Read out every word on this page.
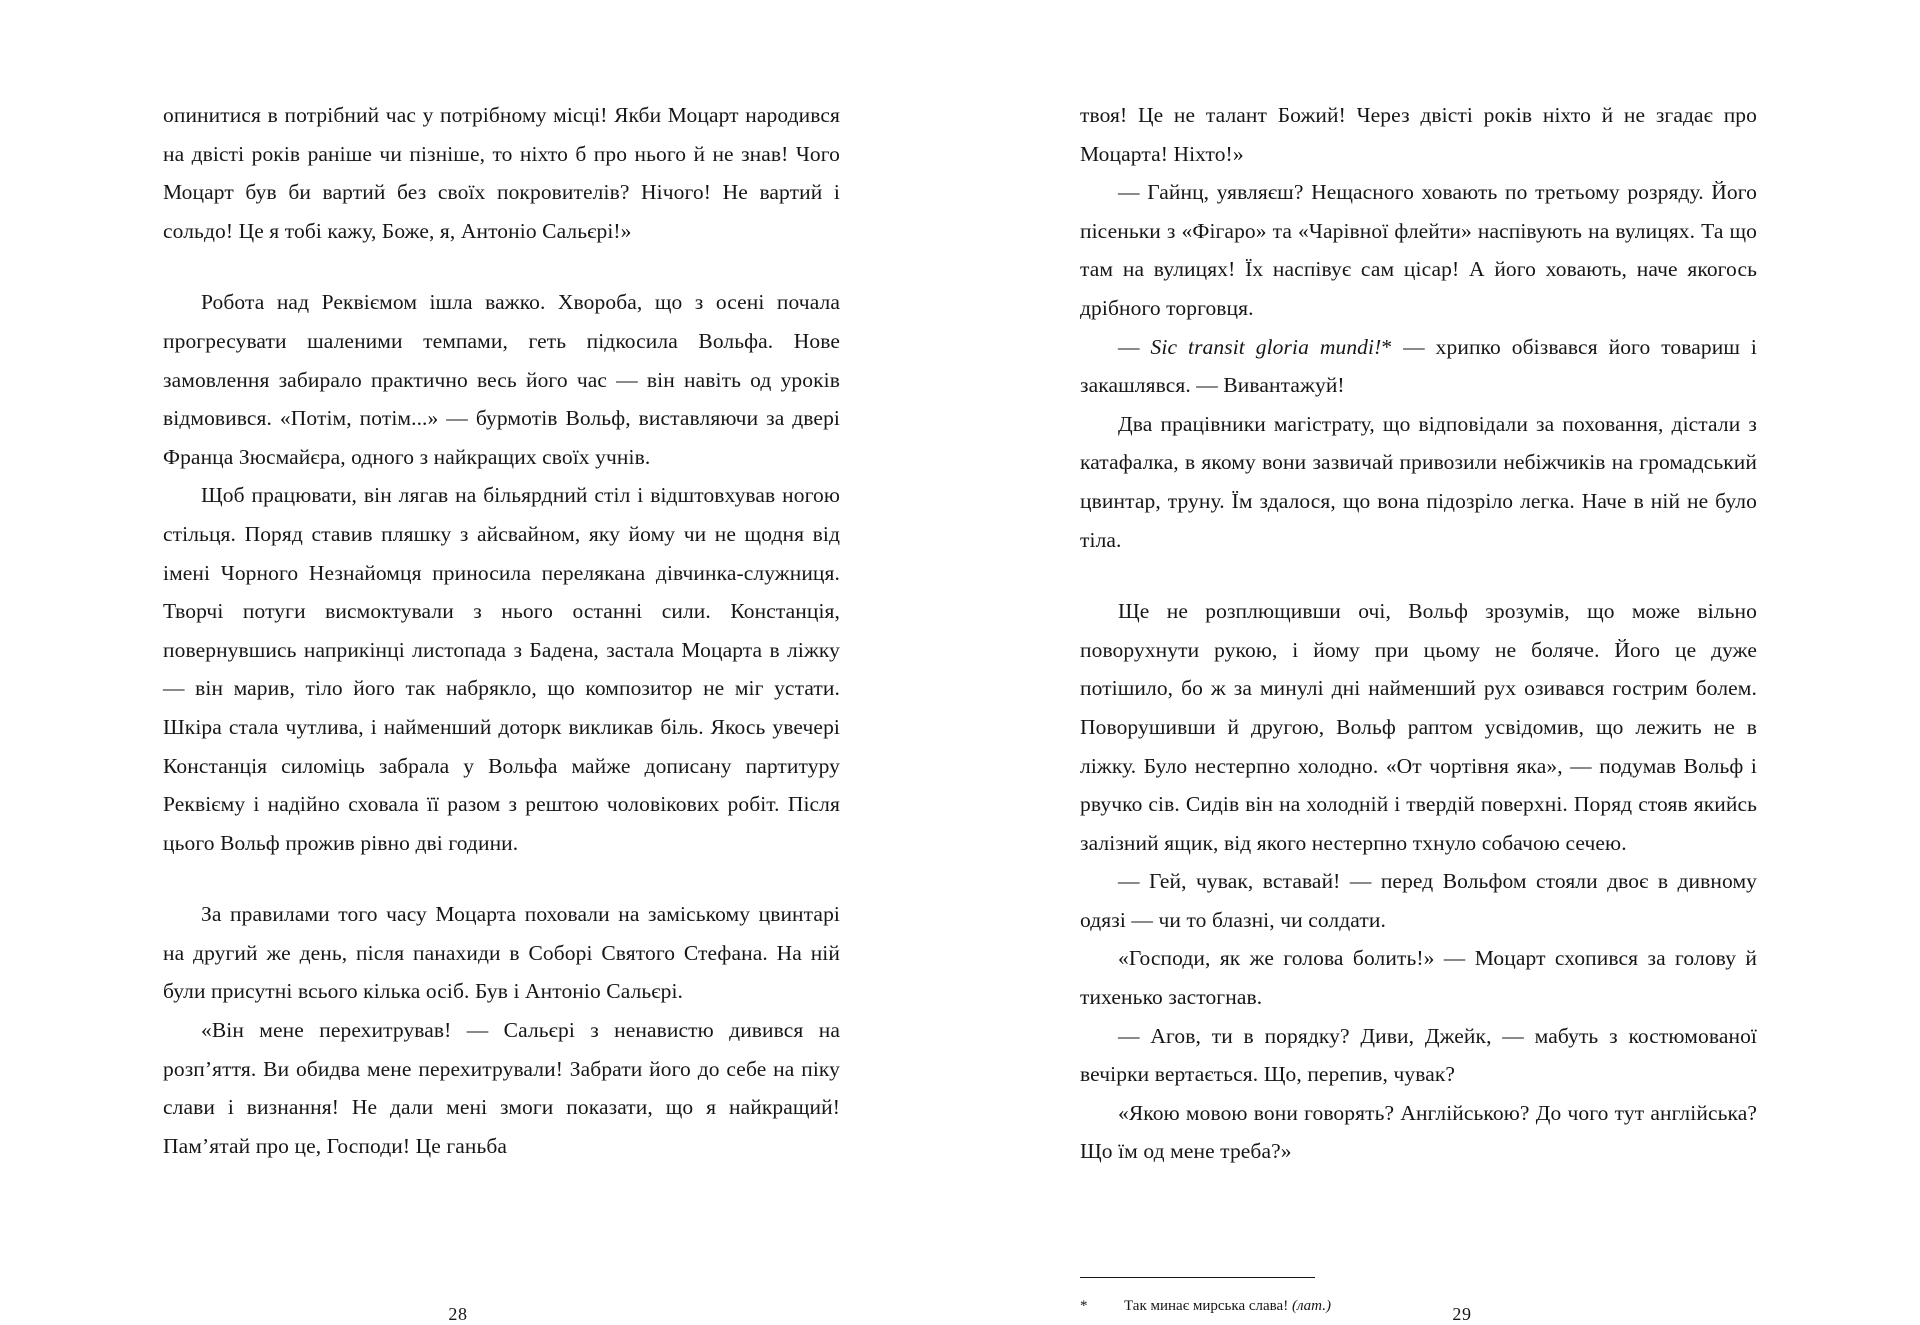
опинитися в потрібний час у потрібному місці! Якби Моцарт народився на двісті років раніше чи пізніше, то ніхто б про нього й не знав! Чого Моцарт був би вартий без своїх покровителів? Нічого! Не вартий і сольдо! Це я тобі кажу, Боже, я, Антоніо Сальєрі!»

Робота над Реквіємом ішла важко. Хвороба, що з осені почала прогресувати шаленими темпами, геть підкосила Вольфа. Нове замовлення забирало практично весь його час — він навіть од уроків відмовився. «Потім, потім...» — бурмотів Вольф, виставляючи за двері Франца Зюсмайєра, одного з найкращих своїх учнів.

Щоб працювати, він лягав на більярдний стіл і відштовхував ногою стільця. Поряд ставив пляшку з айсвайном, яку йому чи не щодня від імені Чорного Незнайомця приносила перелякана дівчинка-служниця. Творчі потуги висмоктували з нього останні сили. Констанція, повернувшись наприкінці листопада з Бадена, застала Моцарта в ліжку — він марив, тіло його так набрякло, що композитор не міг устати. Шкіра стала чутлива, і найменший доторк викликав біль. Якось увечері Констанція силоміць забрала у Вольфа майже дописану партитуру Реквієму і надійно сховала її разом з рештою чоловікових робіт. Після цього Вольф прожив рівно дві години.

За правилами того часу Моцарта поховали на заміському цвинтарі на другий же день, після панахиди в Соборі Святого Стефана. На ній були присутні всього кілька осіб. Був і Антоніо Сальєрі.

«Він мене перехитрував! — Сальєрі з ненавистю дивився на розп’яття. Ви обидва мене перехитрували! Забрати його до себе на піку слави і визнання! Не дали мені змоги показати, що я найкращий! Пам’ятай про це, Господи! Це ганьба

28

твоя! Це не талант Божий! Через двісті років ніхто й не згадає про Моцарта! Ніхто!»

— Гайнц, уявляєш? Нещасного ховають по третьому розряду. Його пісеньки з «Фігаро» та «Чарівної флейти» наспівують на вулицях. Та що там на вулицях! Їх наспівує сам цісар! А його ховають, наче якогось дрібного торговця.

— Sic transit gloria mundi!* — хрипко обізвався його товариш і закашлявся. — Вивантажуй!

Два працівники магістрату, що відповідали за поховання, дістали з катафалка, в якому вони зазвичай привозили небіжчиків на громадський цвинтар, труну. Їм здалося, що вона підозріло легка. Наче в ній не було тіла.

Ще не розплющивши очі, Вольф зрозумів, що може вільно поворухнути рукою, і йому при цьому не боляче. Його це дуже потішило, бо ж за минулі дні найменший рух озивався гострим болем. Поворушивши й другою, Вольф раптом усвідомив, що лежить не в ліжку. Було нестерпно холодно. «От чортівня яка», — подумав Вольф і рвучко сів. Сидів він на холодній і твердій поверхні. Поряд стояв якийсь залізний ящик, від якого нестерпно тхнуло собачою сечею.

— Гей, чувак, вставай! — перед Вольфом стояли двоє в дивному одязі — чи то блазні, чи солдати.

«Господи, як же голова болить!» — Моцарт схопився за голову й тихенько застогнав.

— Агов, ти в порядку? Диви, Джейк, — мабуть з костюмованої вечірки вертається. Що, перепив, чувак?

«Якою мовою вони говорять? Англійською? До чого тут англійська? Що їм од мене треба?»

*	Так минає мирська слава! (лат.)	29
